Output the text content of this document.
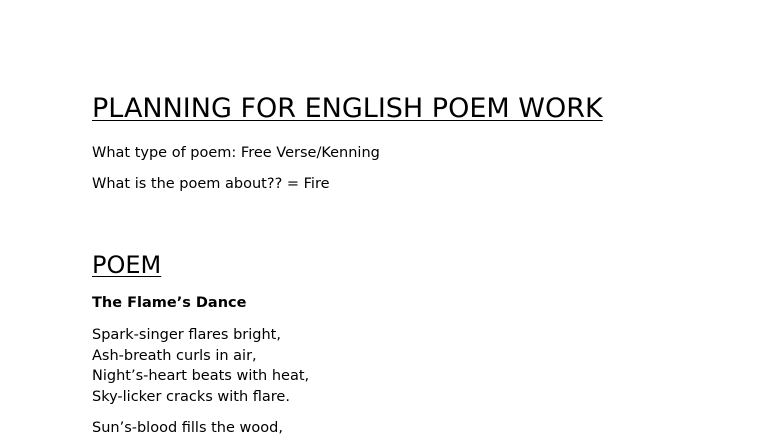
PLANNING FOR ENGLISH POEM WORK

What type of poem: Free Verse/Kenning

What is the poem about?? = Fire

POEM

The Flame’s Dance

Spark-singer flares bright,
Ash-breath curls in air,
Night’s-heart beats with heat,
Sky-licker cracks with flare.
Sun’s-blood fills the wood,
